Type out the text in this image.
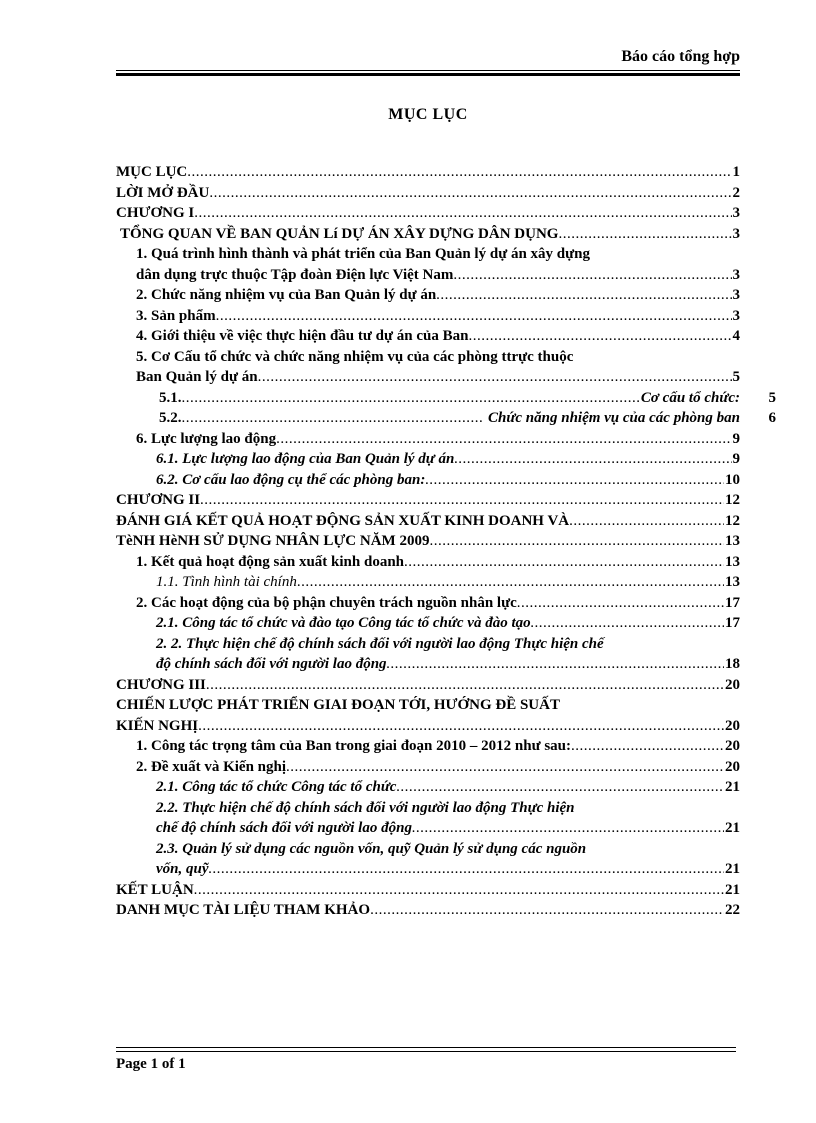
Báo cáo tổng hợp
MỤC LỤC
MỤC LỤC .....	1
LỜI MỞ ĐẦU .....	2
CHƯƠNG I .....	3
TỔNG QUAN VỀ BAN QUẢN Lí DỰ ÁN XÂY DỰNG DÂN DỤNG .....	3
1. Quá trình hình thành và phát triển của Ban Quản lý dự án xây dựng
dân dụng trực thuộc Tập đoàn Điện lực Việt Nam .....	3
2. Chức năng nhiệm vụ của Ban Quản lý dự án .....	3
3. Sản phẩm .....	3
4. Giới thiệu về việc thực hiện đầu tư dự án của Ban .....	4
5. Cơ Cấu tổ chức và chức năng nhiệm vụ của các phòng ttrực thuộc
Ban Quản lý dự án .....	5
5.1. .....	Cơ cấu tổ chức: 5
5.2. .....	Chức năng nhiệm vụ của các phòng ban 6
6. Lực lượng lao động .....	9
6.1. Lực lượng lao động của Ban Quản lý dự án .....	9
6.2. Cơ cấu lao động cụ thể các phòng ban: .....	10
CHƯƠNG II .....	12
ĐÁNH GIÁ KẾT QUẢ HOẠT ĐỘNG SẢN XUẤT KINH DOANH VÀ .....	12
TèNH HèNH SỬ DỤNG NHÂN LỰC NĂM 2009 .....	13
1. Kết quả hoạt động sản xuất kinh doanh .....	13
1.1. Tình hình tài chính .....	13
2. Các hoạt động của bộ phận chuyên trách nguồn nhân lực .....	17
2.1. Công tác tổ chức và đào tạo Công tác tổ chức và đào tạo .....	17
2. 2. Thực hiện chế độ chính sách đối với người lao động Thực hiện chế
độ chính sách đối với người lao động .....	18
CHƯƠNG III .....	20
CHIẾN LƯỢC PHÁT TRIỂN GIAI ĐOẠN TỚI, HƯỚNG ĐỀ SUẤT
KIẾN NGHỊ .....	20
1. Công tác trọng tâm của Ban trong giai đoạn 2010 – 2012 như sau: .....	20
2. Đề xuất và Kiến nghị .....	20
2.1. Công tác tổ chức Công tác tổ chức .....	21
2.2. Thực hiện chế độ chính sách đối với người lao động Thực hiện
chế độ chính sách đối với người lao động .....	21
2.3. Quản lý sử dụng các nguồn vốn, quỹ Quản lý sử dụng các nguồn
vốn, quỹ .....	21
KẾT LUẬN .....	21
DANH MỤC TÀI LIỆU THAM KHẢO .....	22
Page 1 of 1
